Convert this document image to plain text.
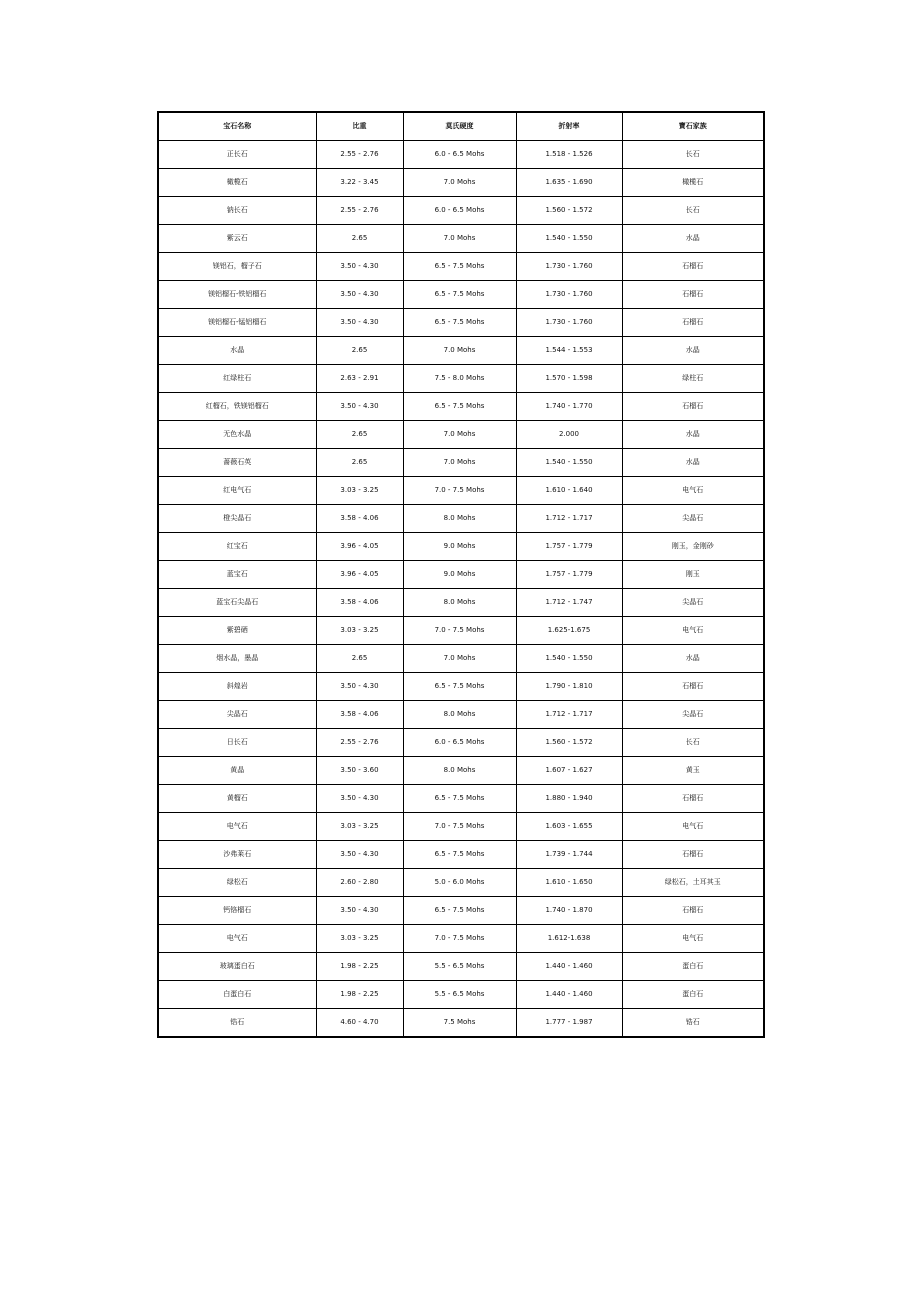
宝石名称	比重	莫氏硬度	折射率	寶石家族
正长石	2.55 - 2.76	6.0 - 6.5 Mohs	1.518 - 1.526	长石
橄榄石	3.22 - 3.45	7.0 Mohs	1.635 - 1.690	橄榄石
钠长石	2.55 - 2.76	6.0 - 6.5 Mohs	1.560 - 1.572	长石
紫云石	2.65	7.0 Mohs	1.540 - 1.550	水晶
镁铝石，榴子石	3.50 - 4.30	6.5 - 7.5 Mohs	1.730 - 1.760	石榴石
镁铝榴石-铁铝榴石	3.50 - 4.30	6.5 - 7.5 Mohs	1.730 - 1.760	石榴石
镁铝榴石-锰铝榴石	3.50 - 4.30	6.5 - 7.5 Mohs	1.730 - 1.760	石榴石
水晶	2.65	7.0 Mohs	1.544 - 1.553	水晶
红绿柱石	2.63 - 2.91	7.5 - 8.0 Mohs	1.570 - 1.598	绿柱石
红榴石，铁镁铝榴石	3.50 - 4.30	6.5 - 7.5 Mohs	1.740 - 1.770	石榴石
无色水晶	2.65	7.0 Mohs	2.000	水晶
蔷薇石英	2.65	7.0 Mohs	1.540 - 1.550	水晶
红电气石	3.03 - 3.25	7.0 - 7.5 Mohs	1.610 - 1.640	电气石
橙尖晶石	3.58 - 4.06	8.0 Mohs	1.712 - 1.717	尖晶石
红宝石	3.96 - 4.05	9.0 Mohs	1.757 - 1.779	刚玉，金刚砂
蓝宝石	3.96 - 4.05	9.0 Mohs	1.757 - 1.779	刚玉
蓝宝石尖晶石	3.58 - 4.06	8.0 Mohs	1.712 - 1.747	尖晶石
紫碧硒	3.03 - 3.25	7.0 - 7.5 Mohs	1.625-1.675	电气石
烟水晶，墨晶	2.65	7.0 Mohs	1.540 - 1.550	水晶
斜煌岩	3.50 - 4.30	6.5 - 7.5 Mohs	1.790 - 1.810	石榴石
尖晶石	3.58 - 4.06	8.0 Mohs	1.712 - 1.717	尖晶石
日长石	2.55 - 2.76	6.0 - 6.5 Mohs	1.560 - 1.572	长石
黄晶	3.50 - 3.60	8.0 Mohs	1.607 - 1.627	黄玉
黄榴石	3.50 - 4.30	6.5 - 7.5 Mohs	1.880 - 1.940	石榴石
电气石	3.03 - 3.25	7.0 - 7.5 Mohs	1.603 - 1.655	电气石
沙弗莱石	3.50 - 4.30	6.5 - 7.5 Mohs	1.739 - 1.744	石榴石
绿松石	2.60 - 2.80	5.0 - 6.0 Mohs	1.610 - 1.650	绿松石，土耳其玉
钙铬榴石	3.50 - 4.30	6.5 - 7.5 Mohs	1.740 - 1.870	石榴石
电气石	3.03 - 3.25	7.0 - 7.5 Mohs	1.612-1.638	电气石
玻璃蛋白石	1.98 - 2.25	5.5 - 6.5 Mohs	1.440 - 1.460	蛋白石
白蛋白石	1.98 - 2.25	5.5 - 6.5 Mohs	1.440 - 1.460	蛋白石
锆石	4.60 - 4.70	7.5 Mohs	1.777 - 1.987	锆石
